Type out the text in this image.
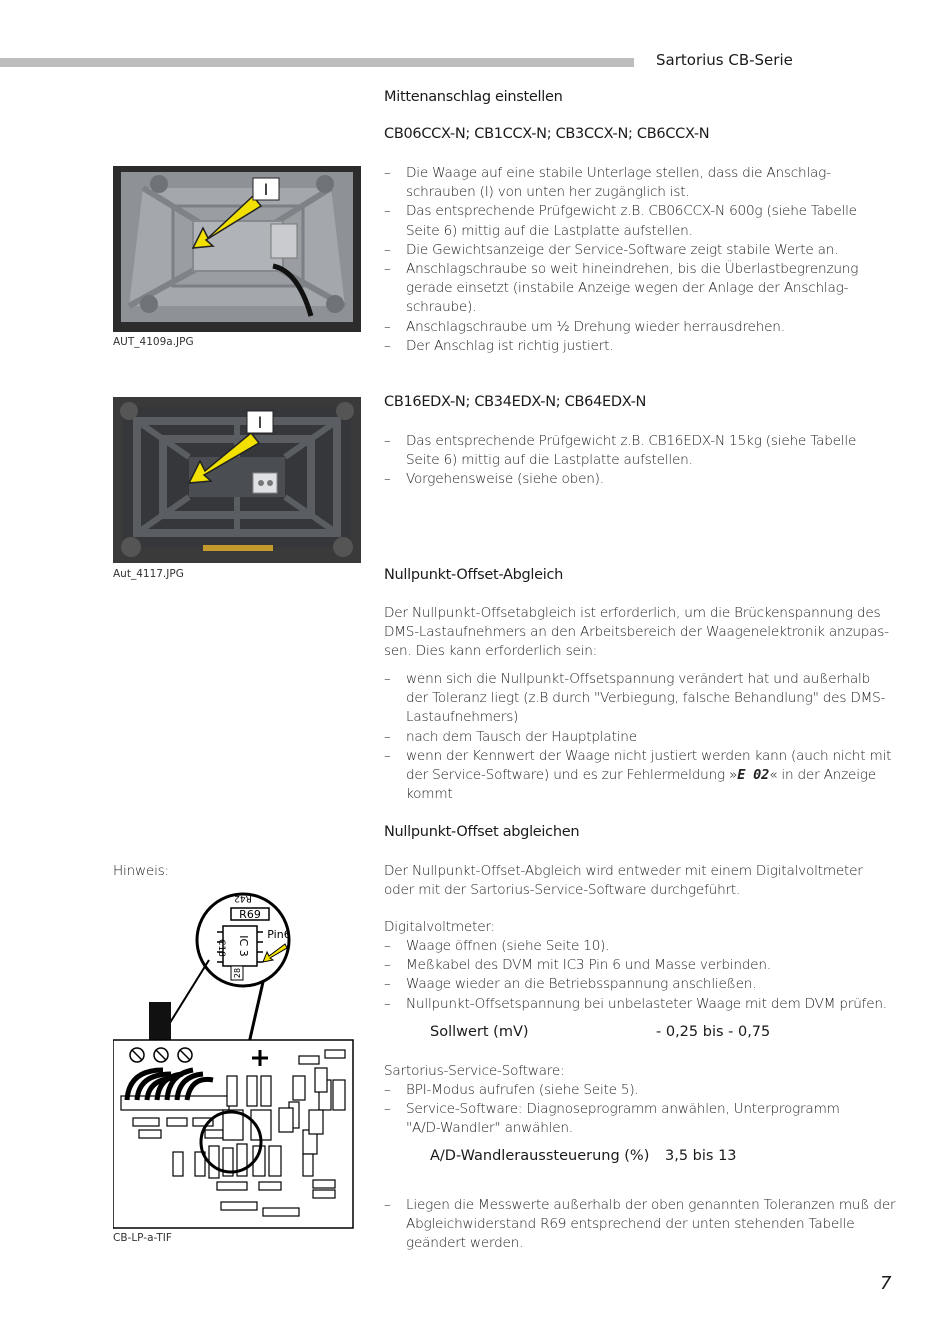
Sartorius CB-Serie
Mittenanschlag einstellen
CB06CCX-N; CB1CCX-N; CB3CCX-N; CB6CCX-N
– Die Waage auf eine stabile Unterlage stellen, dass die Anschlag-schrauben (I) von unten her zugänglich ist.
– Das entsprechende Prüfgewicht z.B. CB06CCX-N 600g (siehe Tabelle Seite 6) mittig auf die Lastplatte aufstellen.
– Die Gewichtsanzeige der Service-Software zeigt stabile Werte an.
– Anschlagschraube so weit hineindrehen, bis die Überlastbegrenzung gerade einsetzt (instabile Anzeige wegen der Anlage der Anschlag-schraube).
– Anschlagschraube um ½ Drehung wieder herrausdrehen.
– Der Anschlag ist richtig justiert.
I
AUT_4109a.JPG
CB16EDX-N; CB34EDX-N; CB64EDX-N
– Das entsprechende Prüfgewicht z.B. CB16EDX-N 15kg (siehe Tabelle Seite 6) mittig auf die Lastplatte aufstellen.
– Vorgehensweise (siehe oben).
I
Aut_4117.JPG	Nullpunkt-Offset-Abgleich

Der Nullpunkt-Offsetabgleich ist erforderlich, um die Brückenspannung des DMS-Lastaufnehmers an den Arbeitsbereich der Waagenelektronik anzupas-sen. Dies kann erforderlich sein:

– wenn sich die Nullpunkt-Offsetspannung verändert hat und außerhalb der Toleranz liegt (z.B durch "Verbiegung, falsche Behandlung" des DMS-Lastaufnehmers)
– nach dem Tausch der Hauptplatine
– wenn der Kennwert der Waage nicht justiert werden kann (auch nicht mit der Service-Software) und es zur Fehlermeldung »E 02« in der Anzeige kommt
Nullpunkt-Offset abgleichen
Hinweis:	Der Nullpunkt-Offset-Abgleich wird entweder mit einem Digitalvoltmeter oder mit der Sartorius-Service-Software durchgeführt.

Digitalvoltmeter:
– Waage öffnen (siehe Seite 10).
– Meßkabel des DVM mit IC3 Pin 6 und Masse verbinden.
– Waage wieder an die Betriebsspannung anschließen.
– Nullpunkt-Offsetspannung bei unbelasteter Waage mit dem DVM prüfen.
Sollwert (mV)	- 0,25 bis - 0,75
Sartorius-Service-Software:
– BPI-Modus aufrufen (siehe Seite 5).
– Service-Software: Diagnoseprogramm anwählen, Unterprogramm "A/D-Wandler" anwählen.
A/D-Wandleraussteuerung (%) 3,5 bis 13
– Liegen die Messwerte außerhalb der oben genannten Toleranzen muß der Abgleichwiderstand R69 entsprechend der unten stehenden Tabelle geändert werden.
R42
R69
IC 3
Pin6
C18
28
CB-LP-a-TIF
7
